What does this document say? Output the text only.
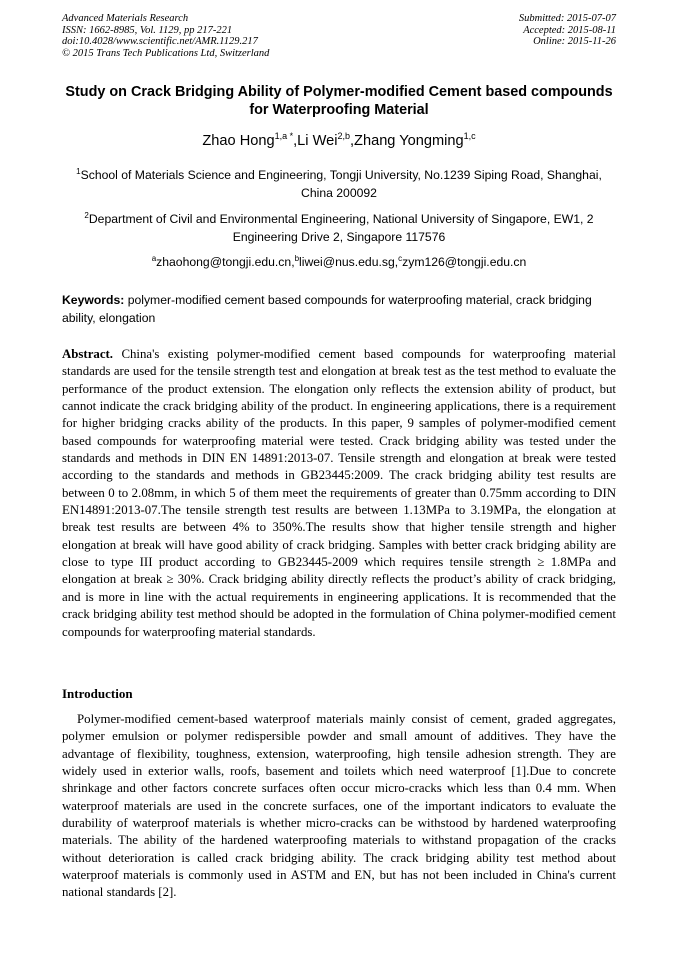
Advanced Materials Research
ISSN: 1662-8985, Vol. 1129, pp 217-221
doi:10.4028/www.scientific.net/AMR.1129.217
© 2015 Trans Tech Publications Ltd, Switzerland
Submitted: 2015-07-07
Accepted: 2015-08-11
Online: 2015-11-26
Study on Crack Bridging Ability of Polymer-modified Cement based compounds for Waterproofing Material
Zhao Hong$^{1,a *}$,Li Wei$^{2,b}$,Zhang Yongming$^{1,c}$
$^1$School of Materials Science and Engineering, Tongji University, No.1239 Siping Road, Shanghai, China 200092
$^2$Department of Civil and Environmental Engineering, National University of Singapore, EW1, 2 Engineering Drive 2, Singapore 117576
$^a$zhaohong@tongji.edu.cn,$^b$liwei@nus.edu.sg,$^c$zym126@tongji.edu.cn
Keywords: polymer-modified cement based compounds for waterproofing material, crack bridging ability, elongation
Abstract. China's existing polymer-modified cement based compounds for waterproofing material standards are used for the tensile strength test and elongation at break test as the test method to evaluate the performance of the product extension. The elongation only reflects the extension ability of product, but cannot indicate the crack bridging ability of the product. In engineering applications, there is a requirement for higher bridging cracks ability of the products. In this paper, 9 samples of polymer-modified cement based compounds for waterproofing material were tested. Crack bridging ability was tested under the standards and methods in DIN EN 14891:2013-07. Tensile strength and elongation at break were tested according to the standards and methods in GB23445:2009. The crack bridging ability test results are between 0 to 2.08mm, in which 5 of them meet the requirements of greater than 0.75mm according to DIN EN14891:2013-07.The tensile strength test results are between 1.13MPa to 3.19MPa, the elongation at break test results are between 4% to 350%.The results show that higher tensile strength and higher elongation at break will have good ability of crack bridging. Samples with better crack bridging ability are close to type III product according to GB23445-2009 which requires tensile strength ≥ 1.8MPa and elongation at break ≥ 30%. Crack bridging ability directly reflects the product’s ability of crack bridging, and is more in line with the actual requirements in engineering applications. It is recommended that the crack bridging ability test method should be adopted in the formulation of China polymer-modified cement compounds for waterproofing material standards.
Introduction
Polymer-modified cement-based waterproof materials mainly consist of cement, graded aggregates, polymer emulsion or polymer redispersible powder and small amount of additives. They have the advantage of flexibility, toughness, extension, waterproofing, high tensile adhesion strength. They are widely used in exterior walls, roofs, basement and toilets which need waterproof [1].Due to concrete shrinkage and other factors concrete surfaces often occur micro-cracks which less than 0.4 mm. When waterproof materials are used in the concrete surfaces, one of the important indicators to evaluate the durability of waterproof materials is whether micro-cracks can be withstood by hardened waterproofing materials. The ability of the hardened waterproofing materials to withstand propagation of the cracks without deterioration is called crack bridging ability. The crack bridging ability test method about waterproof materials is commonly used in ASTM and EN, but has not been included in China's current national standards [2].
